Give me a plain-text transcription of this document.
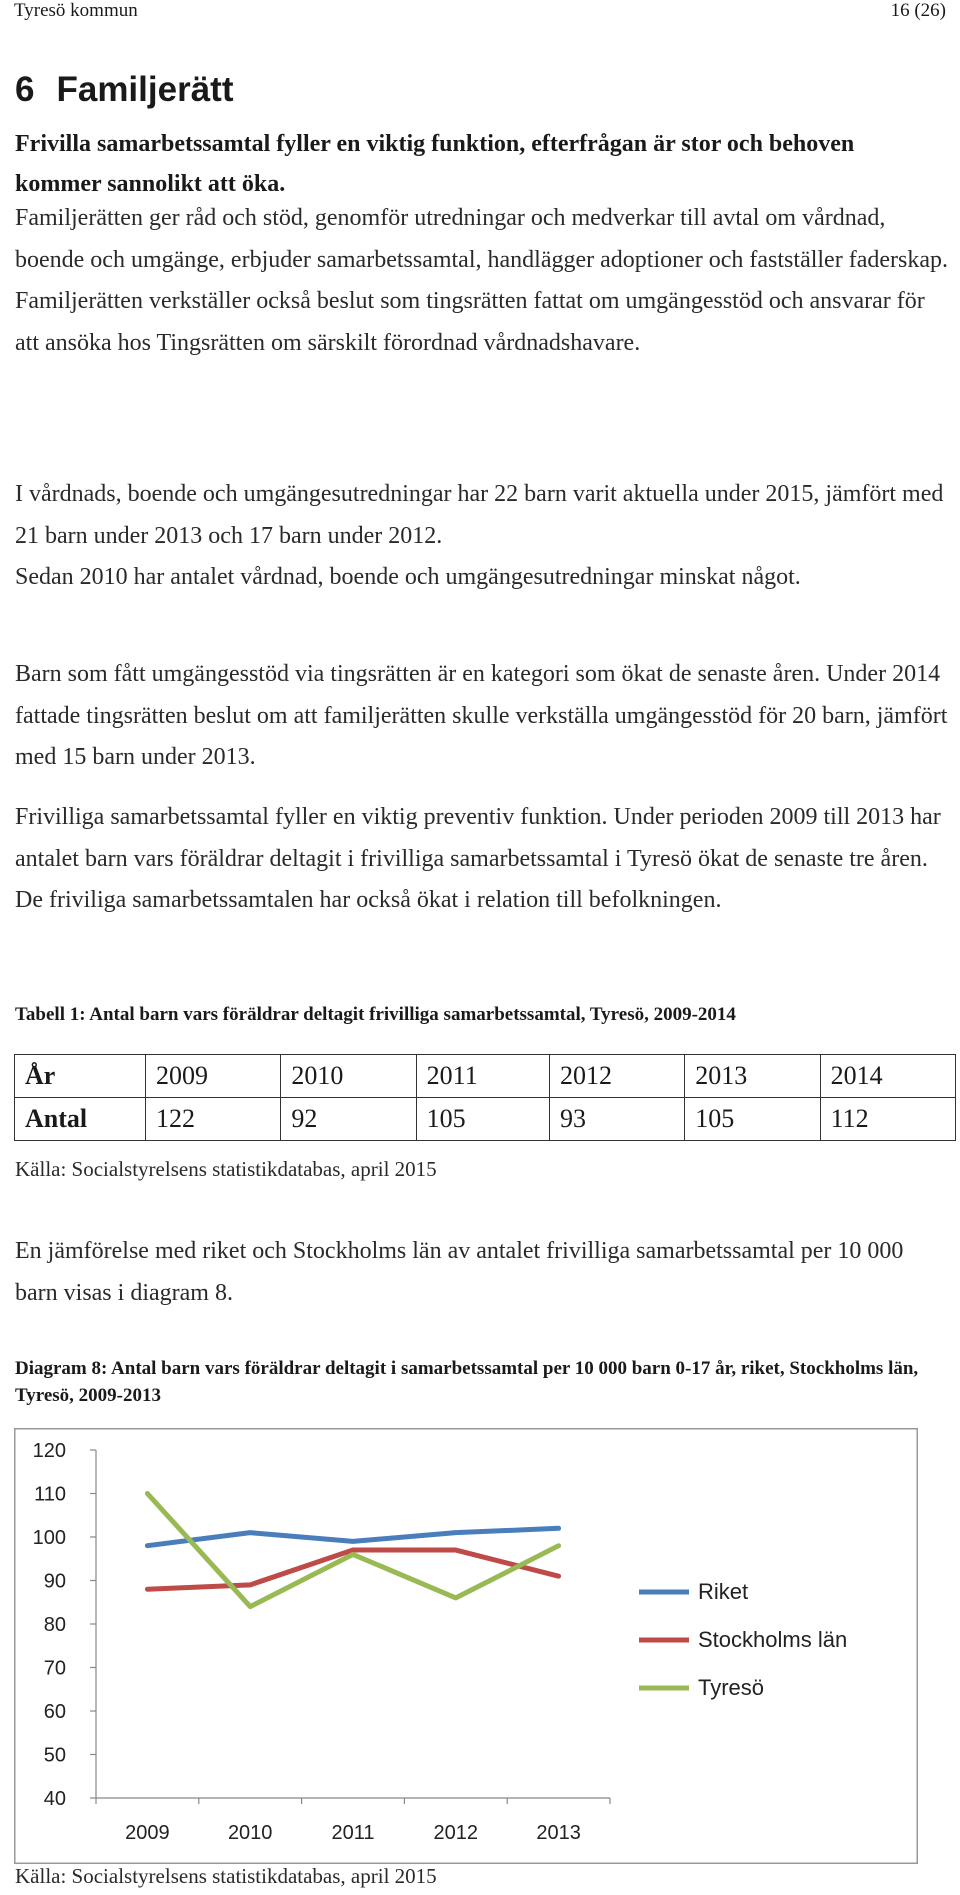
Tyresö kommun	16 (26)
6 Familjerätt

Frivilla samarbetssamtal fyller en viktig funktion, efterfrågan är stor och behoven kommer sannolikt att öka.

Familjerätten ger råd och stöd, genomför utredningar och medverkar till avtal om vårdnad, boende och umgänge, erbjuder samarbetssamtal, handlägger adoptioner och fastställer faderskap. Familjerätten verkställer också beslut som tingsrätten fattat om umgängesstöd och ansvarar för att ansöka hos Tingsrätten om särskilt förordnad vårdnadshavare.

I vårdnads, boende och umgängesutredningar har 22 barn varit aktuella under 2015, jämfört med 21 barn under 2013 och 17 barn under 2012.

Sedan 2010 har antalet vårdnad, boende och umgängesutredningar minskat något.

Barn som fått umgängesstöd via tingsrätten är en kategori som ökat de senaste åren. Under 2014 fattade tingsrätten beslut om att familjerätten skulle verkställa umgängesstöd för 20 barn, jämfört med 15 barn under 2013.

Frivilliga samarbetssamtal fyller en viktig preventiv funktion. Under perioden 2009 till 2013 har antalet barn vars föräldrar deltagit i frivilliga samarbetssamtal i Tyresö ökat de senaste tre åren. De friviliga samarbetssamtalen har också ökat i relation till befolkningen.

Tabell 1: Antal barn vars föräldrar deltagit frivilliga samarbetssamtal, Tyresö, 2009-2014

År	2009	2010	2011	2012	2013	2014
Antal	122	92	105	93	105	112

Källa: Socialstyrelsens statistikdatabas, april 2015

En jämförelse med riket och Stockholms län av antalet frivilliga samarbetssamtal per 10 000 barn visas i diagram 8.

Diagram 8: Antal barn vars föräldrar deltagit i samarbetssamtal per 10 000 barn 0-17 år, riket, Stockholms län, Tyresö, 2009-2013

40
50
60
70
80
90
100
110
120
2009	2010	2011	2012	2013
Riket
Stockholms län
Tyresö

Källa: Socialstyrelsens statistikdatabas, april 2015
